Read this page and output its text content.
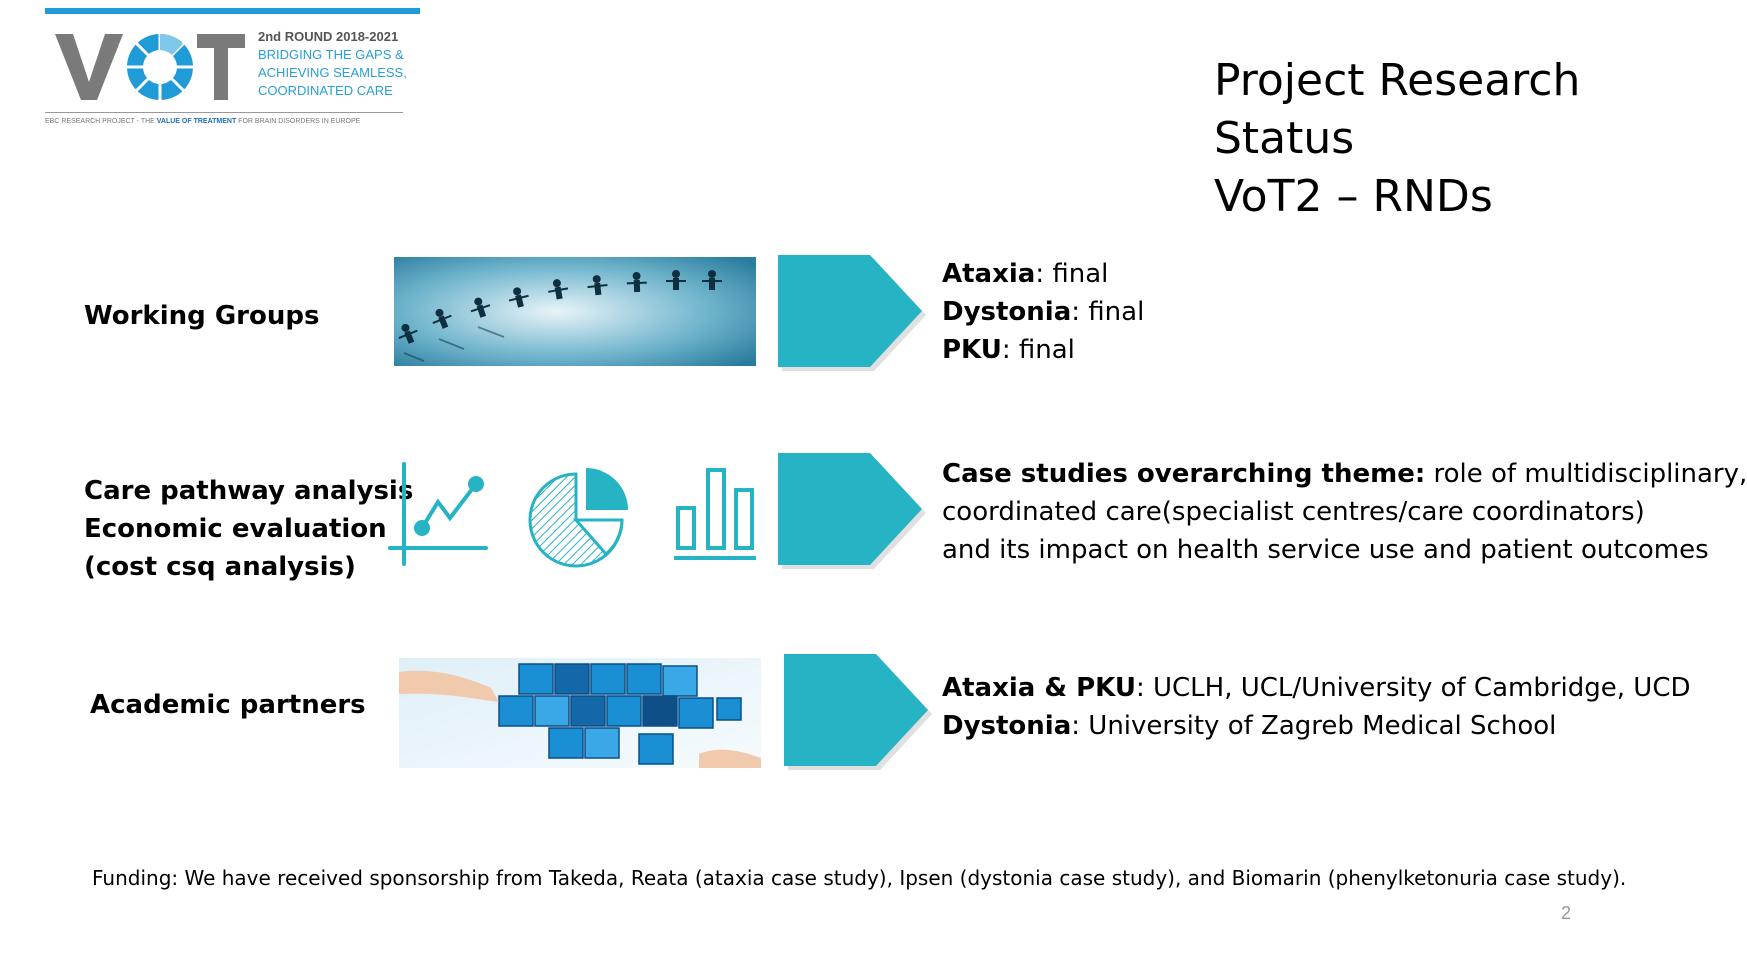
2nd ROUND 2018-2021
BRIDGING THE GAPS &
ACHIEVING SEAMLESS,
COORDINATED CARE
EBC RESEARCH PROJECT - THE VALUE OF TREATMENT FOR BRAIN DISORDERS IN EUROPE
Project Research Status
VoT2 – RNDs
Working Groups
Ataxia: final
Dystonia: final
PKU: final
Care pathway analysis
Economic evaluation
(cost csq analysis)
Case studies overarching theme: role of multidisciplinary,
coordinated care(specialist centres/care coordinators)
and its impact on health service use and patient outcomes
Academic partners
Ataxia & PKU: UCLH, UCL/University of Cambridge, UCD
Dystonia: University of Zagreb Medical School
Funding: We have received sponsorship from Takeda, Reata (ataxia case study), Ipsen (dystonia case study), and Biomarin (phenylketonuria case study).
2
